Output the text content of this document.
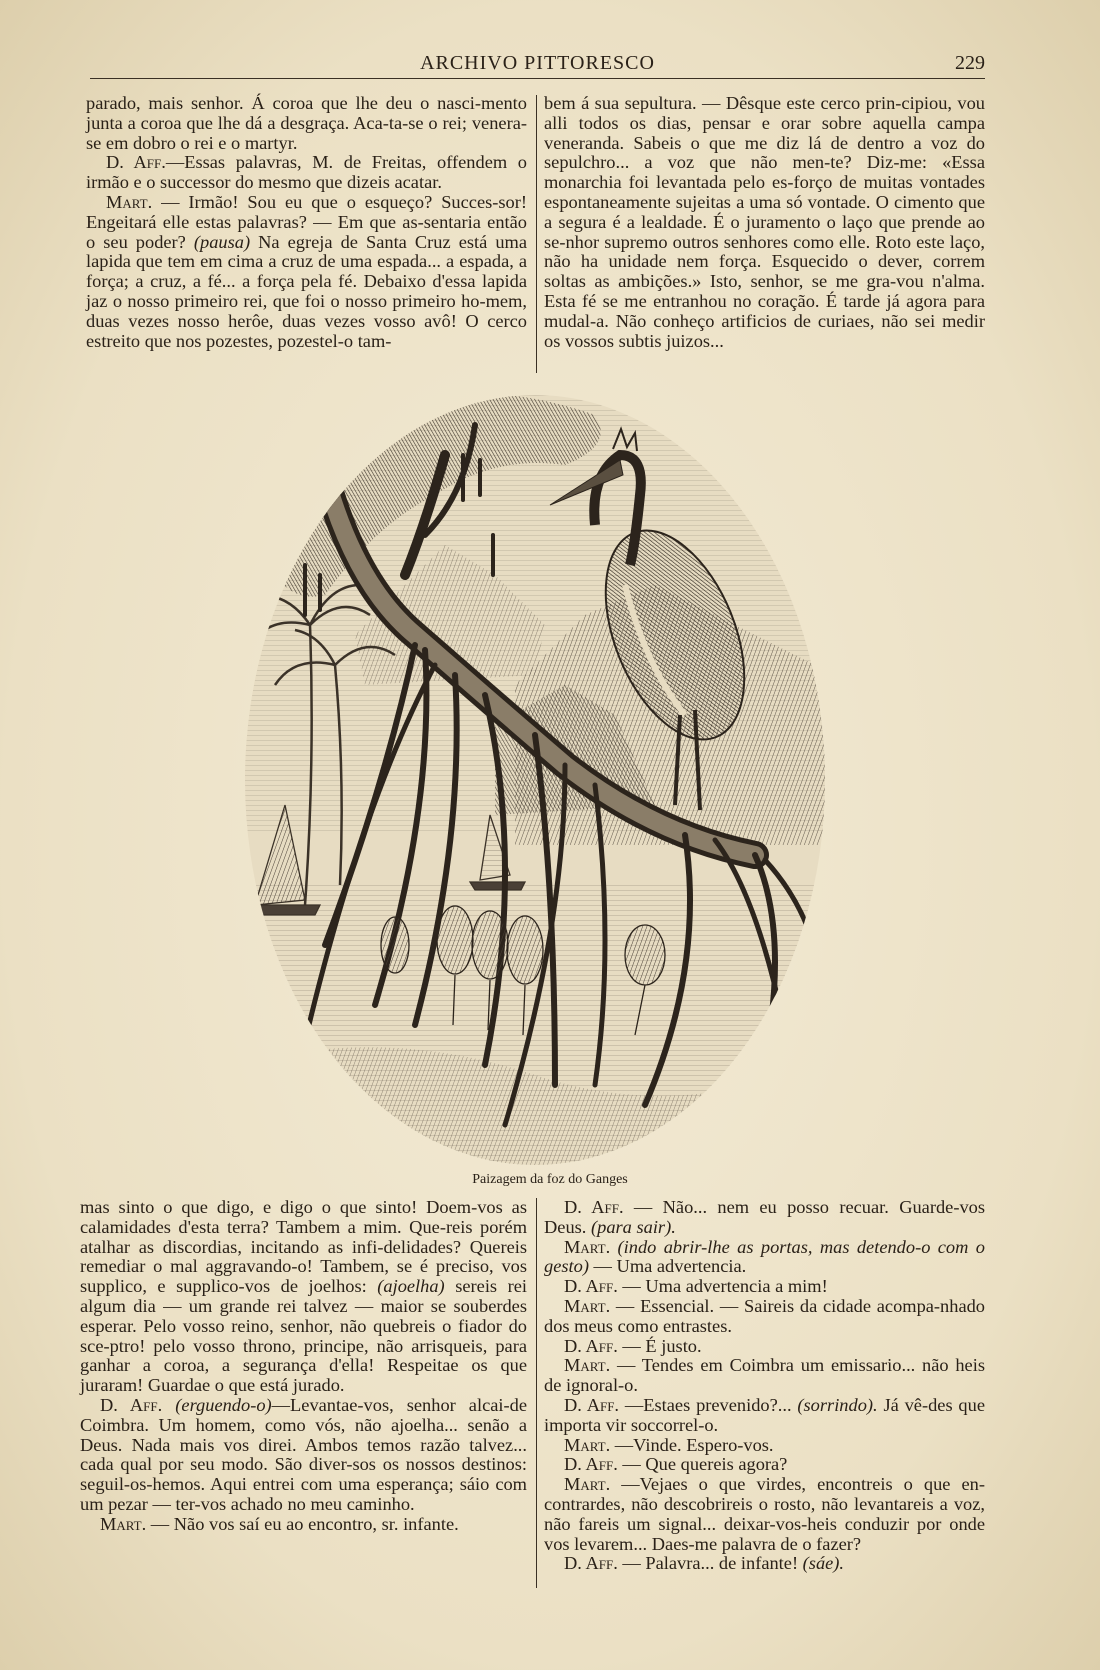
ARCHIVO PITTORESCO	229

parado, mais senhor. Á coroa que lhe deu o nasci-mento junta a coroa que lhe dá a desgraça. Aca-ta-se o rei; venera-se em dobro o rei e o martyr.

D. Aff.—Essas palavras, M. de Freitas, offendem o irmão e o successor do mesmo que dizeis acatar.

Mart. — Irmão! Sou eu que o esqueço? Succes-sor! Engeitará elle estas palavras? — Em que as-sentaria então o seu poder? (pausa) Na egreja de Santa Cruz está uma lapida que tem em cima a cruz de uma espada... a espada, a força; a cruz, a fé... a força pela fé. Debaixo d'essa lapida jaz o nosso primeiro rei, que foi o nosso primeiro ho-mem, duas vezes nosso herôe, duas vezes vosso avô! O cerco estreito que nos pozestes, pozestel-o tam-

bem á sua sepultura. — Dêsque este cerco prin-cipiou, vou alli todos os dias, pensar e orar sobre aquella campa veneranda. Sabeis o que me diz lá de dentro a voz do sepulchro... a voz que não men-te? Diz-me: «Essa monarchia foi levantada pelo es-forço de muitas vontades espontaneamente sujeitas a uma só vontade. O cimento que a segura é a lealdade. É o juramento o laço que prende ao se-nhor supremo outros senhores como elle. Roto este laço, não ha unidade nem força. Esquecido o dever, correm soltas as ambições.» Isto, senhor, se me gra-vou n'alma. Esta fé se me entranhou no coração. É tarde já agora para mudal-a. Não conheço artificios de curiaes, não sei medir os vossos subtis juizos...

Paizagem da foz do Ganges

mas sinto o que digo, e digo o que sinto! Doem-vos as calamidades d'esta terra? Tambem a mim. Que-reis porém atalhar as discordias, incitando as infi-delidades? Quereis remediar o mal aggravando-o! Tambem, se é preciso, vos supplico, e supplico-vos de joelhos: (ajoelha) sereis rei algum dia — um grande rei talvez — maior se souberdes esperar. Pelo vosso reino, senhor, não quebreis o fiador do sce-ptro! pelo vosso throno, principe, não arrisqueis, para ganhar a coroa, a segurança d'ella! Respeitae os que juraram! Guardae o que está jurado.

D. Aff. (erguendo-o)—Levantae-vos, senhor alcai-de Coimbra. Um homem, como vós, não ajoelha... senão a Deus. Nada mais vos direi. Ambos temos razão talvez... cada qual por seu modo. São diver-sos os nossos destinos: seguil-os-hemos. Aqui entrei com uma esperança; sáio com um pezar — ter-vos achado no meu caminho.

Mart. — Não vos saí eu ao encontro, sr. infante.

D. Aff. — Não... nem eu posso recuar. Guarde-vos Deus. (para sair).

Mart. (indo abrir-lhe as portas, mas detendo-o com o gesto) — Uma advertencia.

D. Aff. — Uma advertencia a mim!

Mart. — Essencial. — Saireis da cidade acompa-nhado dos meus como entrastes.

D. Aff. — É justo.

Mart. — Tendes em Coimbra um emissario... não heis de ignoral-o.

D. Aff. —Estaes prevenido?... (sorrindo). Já vê-des que importa vir soccorrel-o.

Mart. —Vinde. Espero-vos.

D. Aff. — Que quereis agora?

Mart. —Vejaes o que virdes, encontreis o que en-contrardes, não descobrireis o rosto, não levantareis a voz, não fareis um signal... deixar-vos-heis conduzir por onde vos levarem... Daes-me palavra de o fazer?

D. Aff. — Palavra... de infante! (sáe).
